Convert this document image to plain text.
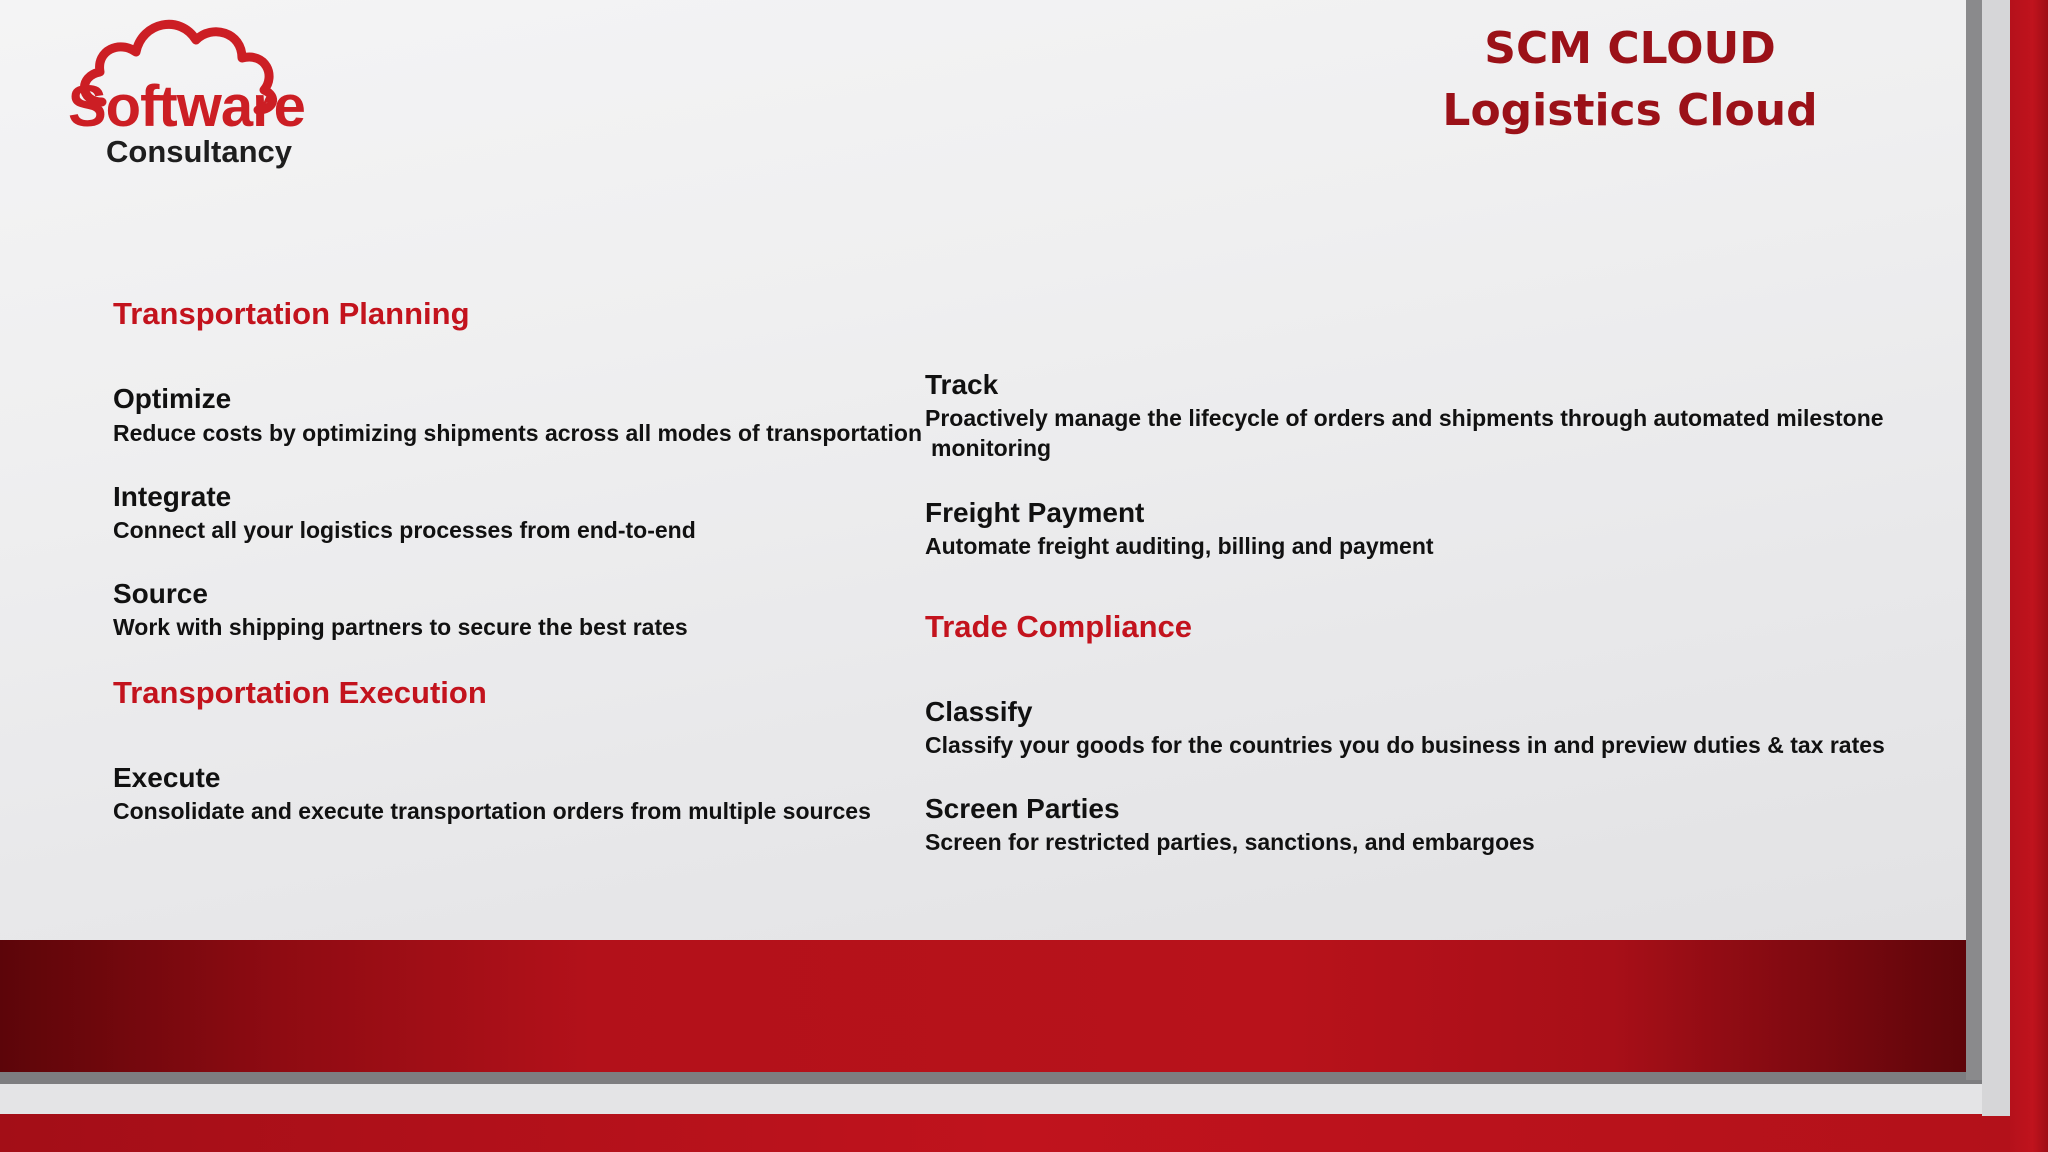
Software
Consultancy
SCM CLOUD
Logistics Cloud
Transportation Planning
Optimize
Reduce costs by optimizing shipments across all modes of transportation
Integrate
Connect all your logistics processes from end-to-end
Source
Work with shipping partners to secure the best rates
Transportation Execution
Execute
Consolidate and execute transportation orders from multiple sources
Track
Proactively manage the lifecycle of orders and shipments through automated milestone
monitoring
Freight Payment
Automate freight auditing, billing and payment
Trade Compliance
Classify
Classify your goods for the countries you do business in and preview duties & tax rates
Screen Parties
Screen for restricted parties, sanctions, and embargoes
